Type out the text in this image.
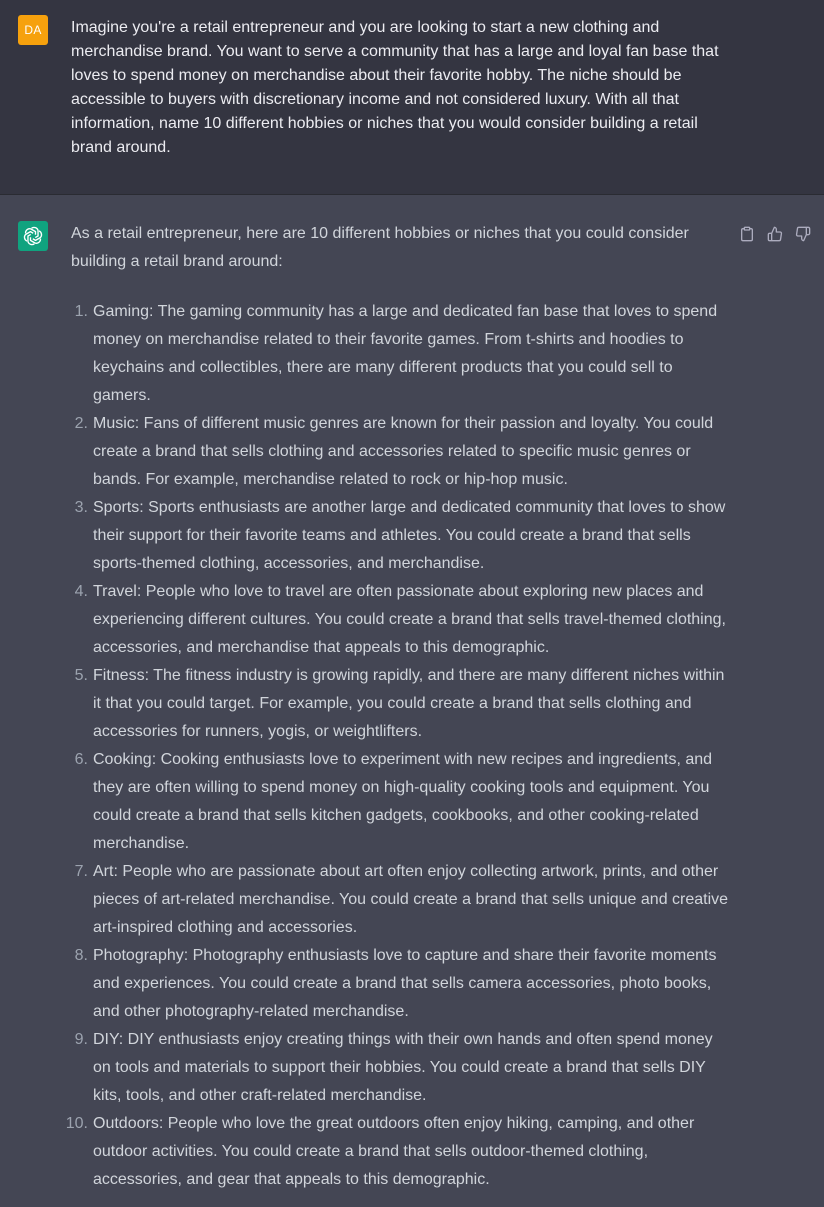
DA Imagine you're a retail entrepreneur and you are looking to start a new clothing and merchandise brand. You want to serve a community that has a large and loyal fan base that loves to spend money on merchandise about their favorite hobby. The niche should be accessible to buyers with discretionary income and not considered luxury. With all that information, name 10 different hobbies or niches that you would consider building a retail brand around.

As a retail entrepreneur, here are 10 different hobbies or niches that you could consider building a retail brand around:

1. Gaming: The gaming community has a large and dedicated fan base that loves to spend money on merchandise related to their favorite games. From t-shirts and hoodies to keychains and collectibles, there are many different products that you could sell to gamers.
2. Music: Fans of different music genres are known for their passion and loyalty. You could create a brand that sells clothing and accessories related to specific music genres or bands. For example, merchandise related to rock or hip-hop music.
3. Sports: Sports enthusiasts are another large and dedicated community that loves to show their support for their favorite teams and athletes. You could create a brand that sells sports-themed clothing, accessories, and merchandise.
4. Travel: People who love to travel are often passionate about exploring new places and experiencing different cultures. You could create a brand that sells travel-themed clothing, accessories, and merchandise that appeals to this demographic.
5. Fitness: The fitness industry is growing rapidly, and there are many different niches within it that you could target. For example, you could create a brand that sells clothing and accessories for runners, yogis, or weightlifters.
6. Cooking: Cooking enthusiasts love to experiment with new recipes and ingredients, and they are often willing to spend money on high-quality cooking tools and equipment. You could create a brand that sells kitchen gadgets, cookbooks, and other cooking-related merchandise.
7. Art: People who are passionate about art often enjoy collecting artwork, prints, and other pieces of art-related merchandise. You could create a brand that sells unique and creative art-inspired clothing and accessories.
8. Photography: Photography enthusiasts love to capture and share their favorite moments and experiences. You could create a brand that sells camera accessories, photo books, and other photography-related merchandise.
9. DIY: DIY enthusiasts enjoy creating things with their own hands and often spend money on tools and materials to support their hobbies. You could create a brand that sells DIY kits, tools, and other craft-related merchandise.
10. Outdoors: People who love the great outdoors often enjoy hiking, camping, and other outdoor activities. You could create a brand that sells outdoor-themed clothing, accessories, and gear that appeals to this demographic.
